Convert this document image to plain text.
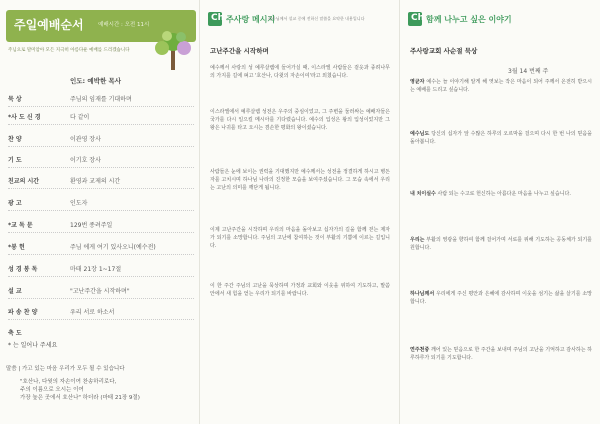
주일예배순서	예배시간 : 오전 11시
주님으로 말미암아 모든 지극히 아름다운 예배를 드리겠습니다
인도: 예박한 목사
묵 상	주님의 임재를 기대하며
*사 도 신 경	다 같이
찬 양	이관영 장사
기 도	이기호 장사
친교의 시간	환영과 교제의 시간
광 고	인도자
*교 독 문	129번 종려주일
*봉 헌	주님 에게 여기 있사오니(예수전)
성 경 봉 독	마태 21장 1~17절
설 교	"고난주간을 시작하며"
파 송 찬 양	우리 서로 하소서
축 도
* 는 일어나 주세요
말씀 | 가고 있는 마음 우리가 모두 될 수 있습니다
"호산나, 다윗의 자손이여 찬송하리로다,
주의 이름으로 오시는 이여
가장 높은 곳에서 호산나" 하더라 (마태 21장 9절)
Ch 주사랑 메시지
목사님께서 설교 중에 전하신 말씀을 요약한 내용입니다
고난주간을 시작하며

예수께서 사랑의 성 예루살렘에 들어가실 때, 이스라엘 사람들은 겉옷과 종려나무의 가지를 길에 펴고 '호산나, 다윗의 자손이여'라고 외쳤습니다.

이스라엘에서 예루살렘 성전은 우주의 중심이었고, 그 주변을 둘러싸는 예배자들은 국가를 다시 일으킬 메시아를 기다렸습니다. 예수의 입성은 왕의 입성이었지만 그 왕은 나귀를 타고 오시는 겸손한 평화의 왕이셨습니다.

사람들은 눈에 보이는 권력을 기대했지만 예수께서는 성전을 정결하게 하시고 병든 자를 고치시며 하나님 나라의 진정한 모습을 보여주셨습니다. 그 모습 속에서 우리는 고난의 의미를 깨닫게 됩니다.

이제 고난주간을 시작하며 우리의 마음을 돌아보고 십자가의 길을 함께 걷는 제자가 되기를 소망합니다. 주님의 고난에 참여하는 것이 부활의 기쁨에 이르는 길입니다.

이 한 주간 주님의 고난을 묵상하며 가정과 교회와 이웃을 위하여 기도하고, 말씀 안에서 새 힘을 얻는 우리가 되기를 바랍니다.

Ch 함께 나누고 싶은 이야기
주사랑교회 사순절 묵상
3월 14 번째 주
영균자 예수는 늘 이야기해 알게 해 엿보는 작은 마음이 되어 주께서 온전히 받으시는 예배를 드리고 싶습니다.
예수님도 당신의 십자가 앞 수많은 하루의 오르막을 걸으며 다시 한 번 나의 믿음을 돌아봅니다.
내 치이실수 사람 되는 수고로 헌신하는 아름다운 마음을 나누고 싶습니다.
우리는 부활의 영광을 향하여 함께 걸어가며 서로를 위해 기도하는 공동체가 되기를 원합니다.
하나님께서 우리에게 주신 평안과 은혜에 감사하며 이웃을 섬기는 삶을 살기를 소망합니다.
연주천중 깨어 있는 믿음으로 한 주간을 보내며 주님의 고난을 기억하고 감사하는 하루하루가 되기를 기도합니다.
